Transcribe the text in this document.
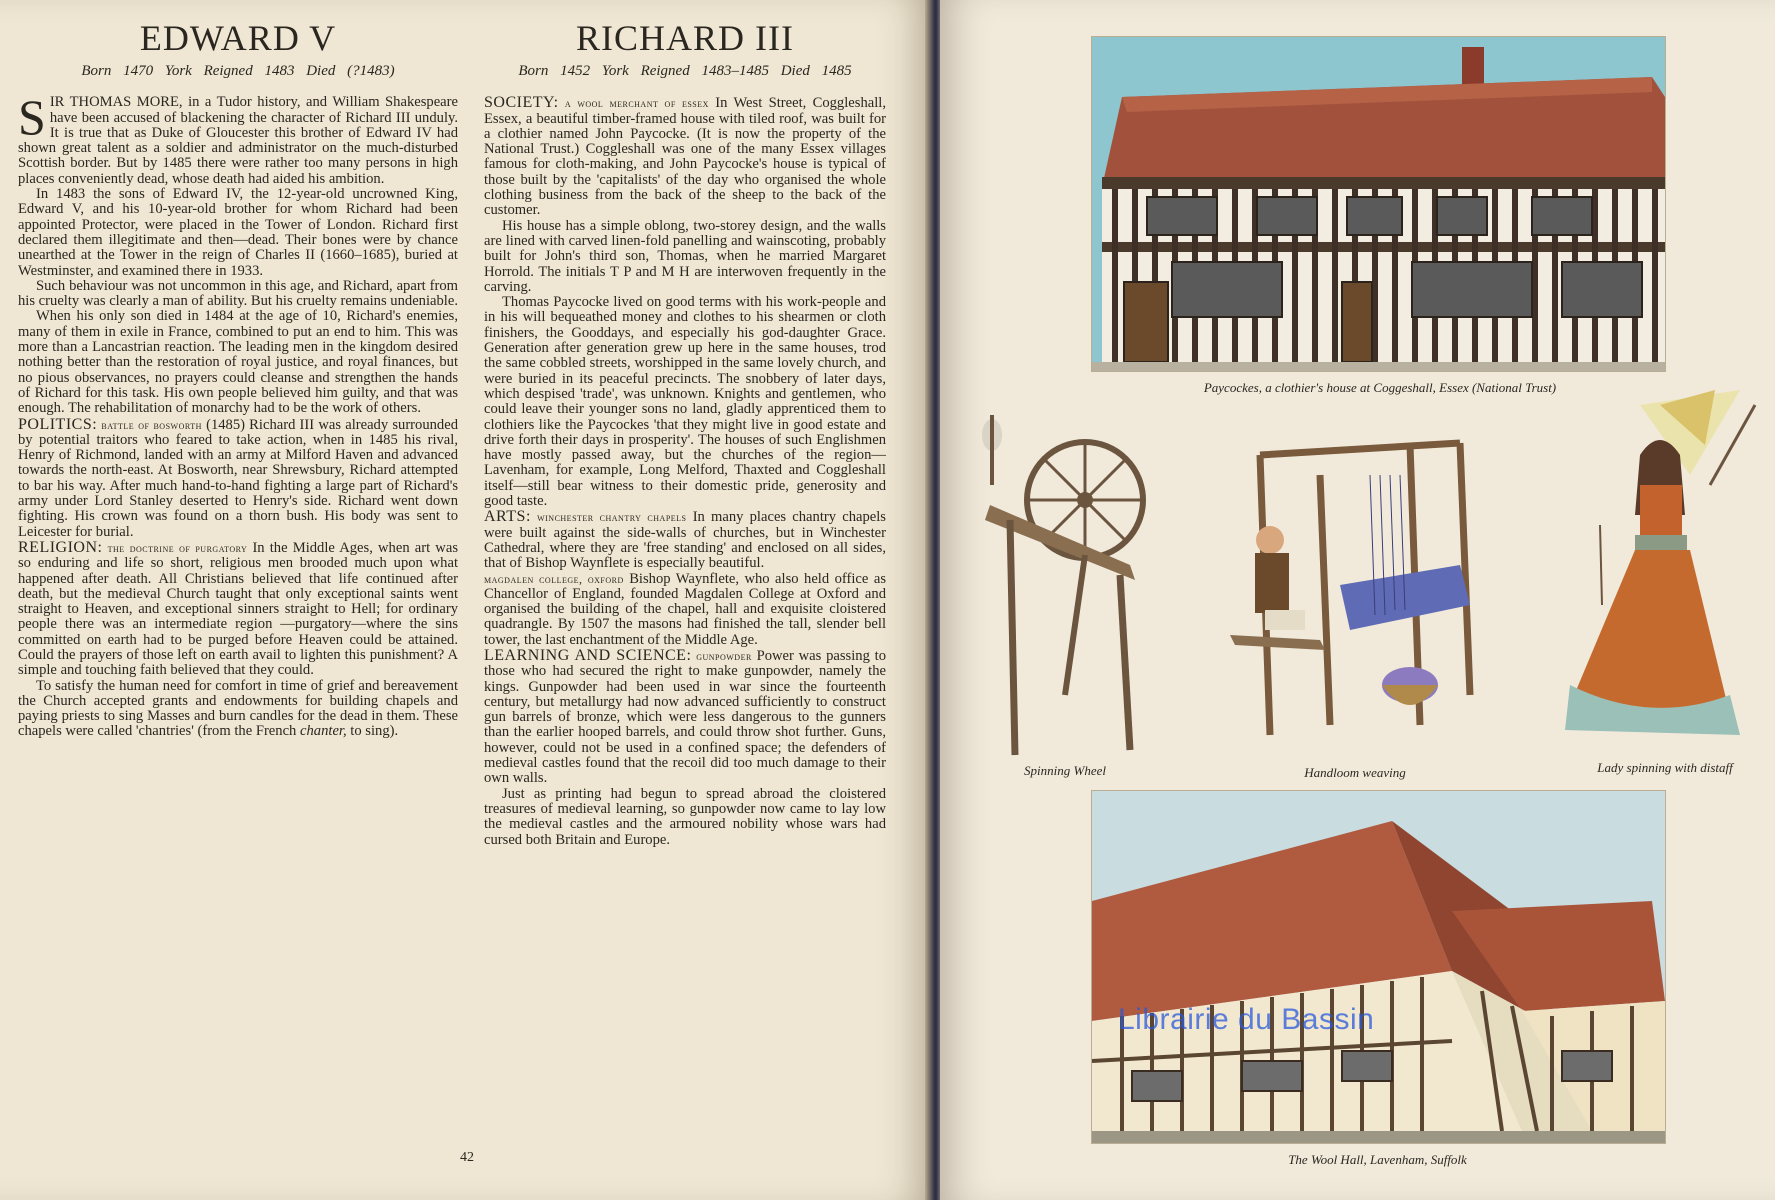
EDWARD V
Born 1470 York Reigned 1483 Died (?1483)

SIR THOMAS MORE, in a Tudor history, and William Shakespeare have been accused of blackening the character of Richard III unduly. It is true that as Duke of Gloucester this brother of Edward IV had shown great talent as a soldier and administrator on the much-disturbed Scottish border. But by 1485 there were rather too many persons in high places conveniently dead, whose death had aided his ambition.

In 1483 the sons of Edward IV, the 12-year-old uncrowned King, Edward V, and his 10-year-old brother for whom Richard had been appointed Protector, were placed in the Tower of London. Richard first declared them illegitimate and then—dead. Their bones were by chance unearthed at the Tower in the reign of Charles II (1660–1685), buried at Westminster, and examined there in 1933.

Such behaviour was not uncommon in this age, and Richard, apart from his cruelty was clearly a man of ability. But his cruelty remains undeniable.

When his only son died in 1484 at the age of 10, Richard's enemies, many of them in exile in France, combined to put an end to him. This was more than a Lancastrian reaction. The leading men in the kingdom desired nothing better than the restoration of royal justice, and royal finances, but no pious observances, no prayers could cleanse and strengthen the hands of Richard for this task. His own people believed him guilty, and that was enough. The rehabilitation of monarchy had to be the work of others.

POLITICS: battle of bosworth (1485) Richard III was already surrounded by potential traitors who feared to take action, when in 1485 his rival, Henry of Richmond, landed with an army at Milford Haven and advanced towards the north-east. At Bosworth, near Shrewsbury, Richard attempted to bar his way. After much hand-to-hand fighting a large part of Richard's army under Lord Stanley deserted to Henry's side. Richard went down fighting. His crown was found on a thorn bush. His body was sent to Leicester for burial.

RELIGION: the doctrine of purgatory In the Middle Ages, when art was so enduring and life so short, religious men brooded much upon what happened after death. All Christians believed that life continued after death, but the medieval Church taught that only exceptional saints went straight to Heaven, and exceptional sinners straight to Hell; for ordinary people there was an intermediate region —purgatory—where the sins committed on earth had to be purged before Heaven could be attained. Could the prayers of those left on earth avail to lighten this punishment? A simple and touching faith believed that they could.

To satisfy the human need for comfort in time of grief and bereavement the Church accepted grants and endowments for building chapels and paying priests to sing Masses and burn candles for the dead in them. These chapels were called 'chantries' (from the French chanter, to sing).

RICHARD III
Born 1452 York Reigned 1483–1485 Died 1485

SOCIETY: a wool merchant of essex In West Street, Coggleshall, Essex, a beautiful timber-framed house with tiled roof, was built for a clothier named John Paycocke. (It is now the property of the National Trust.) Coggleshall was one of the many Essex villages famous for cloth-making, and John Paycocke's house is typical of those built by the 'capitalists' of the day who organised the whole clothing business from the back of the sheep to the back of the customer.

His house has a simple oblong, two-storey design, and the walls are lined with carved linen-fold panelling and wainscoting, probably built for John's third son, Thomas, when he married Margaret Horrold. The initials T P and M H are interwoven frequently in the carving.

Thomas Paycocke lived on good terms with his work-people and in his will bequeathed money and clothes to his shearmen or cloth finishers, the Gooddays, and especially his god-daughter Grace. Generation after generation grew up here in the same houses, trod the same cobbled streets, worshipped in the same lovely church, and were buried in its peaceful precincts. The snobbery of later days, which despised 'trade', was unknown. Knights and gentlemen, who could leave their younger sons no land, gladly apprenticed them to clothiers like the Paycockes 'that they might live in good estate and drive forth their days in prosperity'. The houses of such Englishmen have mostly passed away, but the churches of the region—Lavenham, for example, Long Melford, Thaxted and Coggleshall itself—still bear witness to their domestic pride, generosity and good taste.

ARTS: winchester chantry chapels In many places chantry chapels were built against the side-walls of churches, but in Winchester Cathedral, where they are 'free standing' and enclosed on all sides, that of Bishop Waynflete is especially beautiful.

magdalen college, oxford Bishop Waynflete, who also held office as Chancellor of England, founded Magdalen College at Oxford and organised the building of the chapel, hall and exquisite cloistered quadrangle. By 1507 the masons had finished the tall, slender bell tower, the last enchantment of the Middle Age.

LEARNING AND SCIENCE: gunpowder Power was passing to those who had secured the right to make gunpowder, namely the kings. Gunpowder had been used in war since the fourteenth century, but metallurgy had now advanced sufficiently to construct gun barrels of bronze, which were less dangerous to the gunners than the earlier hooped barrels, and could throw shot further. Guns, however, could not be used in a confined space; the defenders of medieval castles found that the recoil did too much damage to their own walls.

Just as printing had begun to spread abroad the cloistered treasures of medieval learning, so gunpowder now came to lay low the medieval castles and the armoured nobility whose wars had cursed both Britain and Europe.

42
Paycockes, a clothier's house at Coggeshall, Essex (National Trust)
Spinning Wheel	Handloom weaving	Lady spinning with distaff
The Wool Hall, Lavenham, Suffolk
Librairie du Bassin
